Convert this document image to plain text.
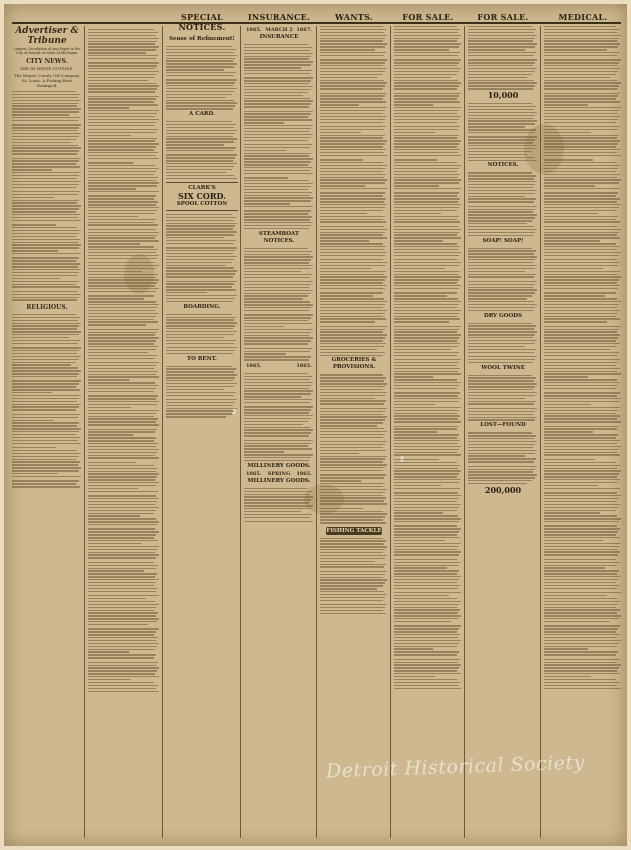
Advertiser & Tribune
Largest Circulation of any Paper in the City of Detroit or State of Michigan.
CITY NEWS.
SEE IN WHITE OUTSIDE.
The Wayne County Oil Company. St. Louis. A Fishing Boat Swamped.
RELIGIOUS.
SPECIAL NOTICES.
Sense of Refinement!
A CARD.
CLARK'S
SIX CORD.
SPOOL COTTON
BOARDING.
TO RENT.
INSURANCE.
1865. MARCH 2 1867.
INSURANCE
STEAMBOAT NOTICES.
1865.	1865.
MILLINERY GOODS.
1865. SPRING 1865.
MILLINERY GOODS.
WANTS.
GROCERIES & PROVISIONS.
FISHING TACKLE
FOR SALE.	FOR SALE.
10,000
NOTICES.
SOAP! SOAP!
DRY GOODS
WOOL TWINE
LOST—FOUND
200,000
MEDICAL.
Detroit Historical Society
